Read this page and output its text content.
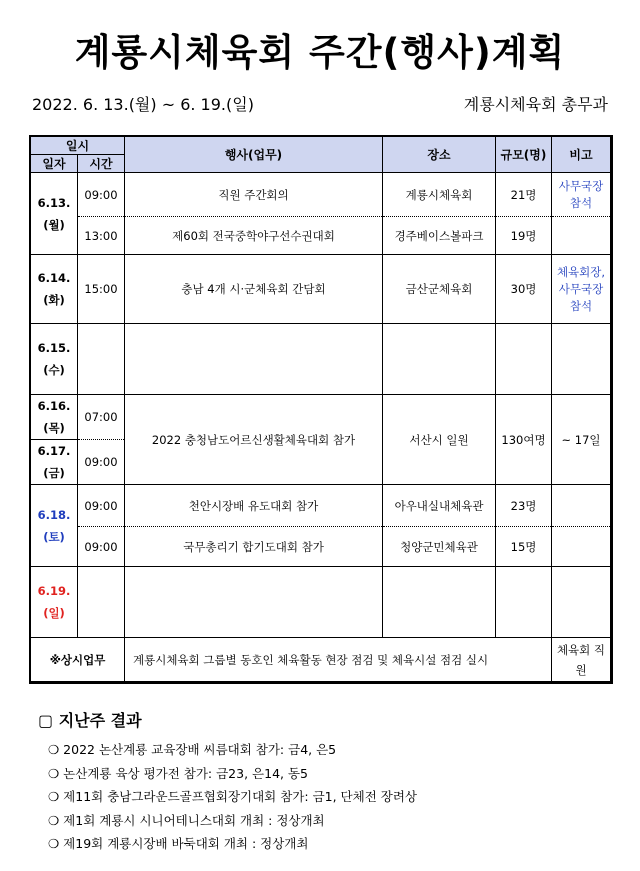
계룡시체육회 주간(행사)계획
2022. 6. 13.(월) ~ 6. 19.(일)	계룡시체육회 총무과
일시		행사(업무)	장소	규모(명)	비고
일자	시간				

6.13.
(월)	09:00	직원 주간회의	계룡시체육회	21명	사무국장 참석
	13:00	제60회 전국중학야구선수권대회	경주베이스볼파크	19명	

6.14.
(화)	15:00	충남 4개 시·군체육회 간담회	금산군체육회	30명	체육회장, 사무국장 참석

6.15.
(수)					

6.16.
(목)	07:00	2022 충청남도어르신생활체육대회 참가	서산시 일원	130여명	~ 17일

6.17.
(금)	09:00				

6.18.
(토)	09:00	천안시장배 유도대회 참가	아우내실내체육관	23명	
	09:00	국무총리기 합기도대회 참가	청양군민체육관	15명	

6.19.
(일)					

※상시업무		계룡시체육회 그룹별 동호인 체육활동 현장 점검 및 체육시설 점검 실시			체육회 직원
▢ 지난주 결과
❍ 2022 논산계룡 교육장배 씨름대회 참가: 금4, 은5
❍ 논산계룡 육상 평가전 참가: 금23, 은14, 동5
❍ 제11회 충남그라운드골프협회장기대회 참가: 금1, 단체전 장려상
❍ 제1회 계룡시 시니어테니스대회 개최 : 정상개최
❍ 제19회 계룡시장배 바둑대회 개최 : 정상개최
